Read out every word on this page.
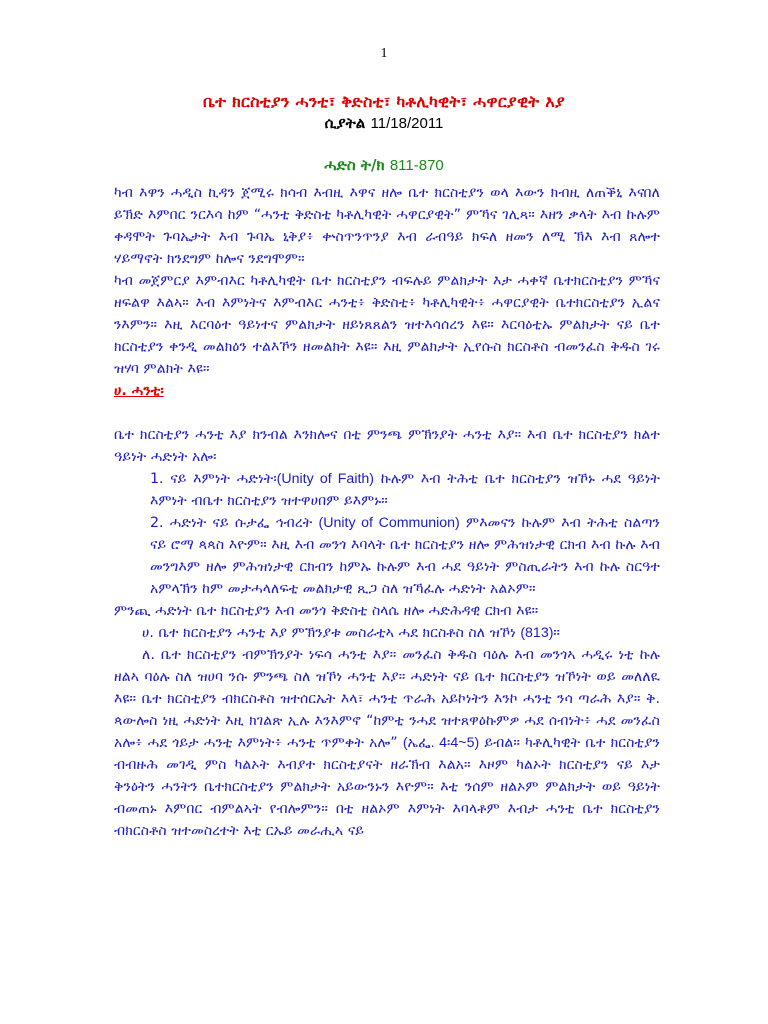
1
ቤተ ክርስቲያን ሓንቲ፣ ቅድስቲ፣ ካቶሊካዊት፣ ሓዋርያዊት እያ
ሲያትል 11/18/2011
ሓድስ ት/ክ 811-870

ካብ እዋን ሓዲስ ኪዳን ጀሚሩ ክሳብ እብዚ እዋና ዘሎ ቤተ ክርስቲያን ወላ እውን ክብዚ ለጠቕኒ እናበለ ይኽድ እምበር ንርእሳ ከም “ሓንቲ ቅድስቲ ካቶሊካዊት ሓዋርያዊት” ምኻና ገሊጻ። እዘን ቃላት እብ ኩሉም ቀዳሞት ጉባኤታት እብ ጉባኤ ኒቅያ፥ ቍስጥንጥንያ እብ ራብዓይ ክፍለ ዘመን ለሚ ኽእ እብ ጸሎተ ሃይማኖት ክንደግም ከሎና ንደግሞም።

ካብ መጀምርያ እምብእር ካቶሊካዊት ቤተ ክርስቲያን ብፍሉይ ምልክታት እታ ሓቀኛ ቤተክርስቲያን ምኻና ዘፍልዋ እልኣ። እብ እምነትና እምብእር ሓንቲ፥ ቅድስቲ፥ ካቶሊካዊት፥ ሓዋርያዊት ቤተክርስቲያን ኢልና ንእምን። እዚ እርባዕተ ዓይነተና ምልክታት ዘይነጸጸልን ዝተእሳሰረን እዩ። እርባዕቲኡ ምልክታት ናይ ቤተ ክርስቲያን ቀንዲ መልክዕን ተልእኾን ዘመልክት እዩ። እዚ ምልክታት ኢየሱስ ክርስቶስ ብመንፈስ ቅዱስ ገሩ ዝሃባ ምልክት እዩ።

ሀ. ሓንቲ፡

ቤተ ክርስቲያን ሓንቲ እያ ክንብል እንክሎና በቲ ምንጫ ምኽንያት ሓንቲ እያ። እብ ቤተ ክርስቲያን ክልተ ዓይነት ሓድነት አሎ፡

1. ናይ እምነት ሓድነት፡(Unity of Faith) ኩሉም እብ ትሕቲ ቤተ ክርስቲያን ዝኾኑ ሓደ ዓይነት እምነት ብቤተ ክርስቲያን ዝተዋሀበም ይእምኑ።
2. ሓድነት ናይ ሱታፌ ኅብረት (Unity of Communion) ምእመናን ኩሉም እብ ትሕቲ ስልጣን ናይ ሮማ ጳጳስ እዮም። እዚ እብ መንጎ እባላት ቤተ ክርስቲያን ዘሎ ምሕዝነታዊ ርክብ እብ ኩሉ እብ መንግእም ዘሎ ምሕዝነታዊ ርክብን ከምኡ ኩሉም እብ ሓደ ዓይነት ምስጢራትን እብ ኩሉ ስርዓተ አምላኽን ከም መታሓላለፍቲ መልክታዊ ጺጋ ስለ ዝኻፈሉ ሓድነት አልኦም።

ምንጪ ሓድነት ቤተ ክርስቲያን እብ መንጎ ቅድስቲ ስላሴ ዘሎ ሓድሕዳዊ ርክብ እዩ።

ሀ. ቤተ ክርስቲያን ሓንቲ እያ ምኽንያቱ መስራቲኣ ሓደ ክርስቶስ ስለ ዝኾነ (813)።

ለ. ቤተ ክርስቲያን ብምኽንያት ነፍሳ ሓንቲ እያ። መንፈስ ቅዱስ ባዕሉ እብ መንጎኣ ሓዲሩ ነቲ ኩሉ ዘልኣ ባዕሉ ስለ ዝሀባ ንሱ ምንጫ ስለ ዝኾነ ሓንቲ እያ። ሓድነት ናይ ቤተ ክርስቲያን ዝኾነት ወይ መለለዪ እዩ። ቤተ ክርስቲያን ብክርስቶስ ዝተሰርኤት እላ፣ ሓንቲ ጥራሕ አይኮነትን እንኮ ሓንቲ ንሳ ጣራሕ እያ። ቅ. ጳውሎስ ነዚ ሓድነት እዚ ክገልጽ ኢሉ እንእምኖ “ከምቲ ንሓደ ዝተጸዋዕኩምዎ ሓደ ሰብነት፥ ሓደ መንፈስ አሎ፥ ሓደ ጎይታ ሓንቲ እምነት፥ ሓንቲ ጥምቀት አሎ” (ኤፌ. 4፡4~5) ይብል። ካቶሊካዊት ቤተ ክርስቲያን ብብዙሕ መገዲ ምስ ካልኦት እብያተ ክርስቲያናት ዘራኽብ እልአ። እዞም ካልኦት ክርስቲያን ናይ እታ ቅንዕትን ሓንትን ቤተክርስቲያን ምልክታት አይውንኑን እዮም። እቲ ንሰም ዘልኦም ምልክታት ወይ ዓይነት ብመጠኑ እምበር ብምልኣት የብሎምን። በቲ ዘልኦም እምነት እባላቶም እብታ ሓንቲ ቤተ ክርስቲያን ብክርስቶስ ዝተመስረተት እቲ ርኡይ መራሒኣ ናይ
